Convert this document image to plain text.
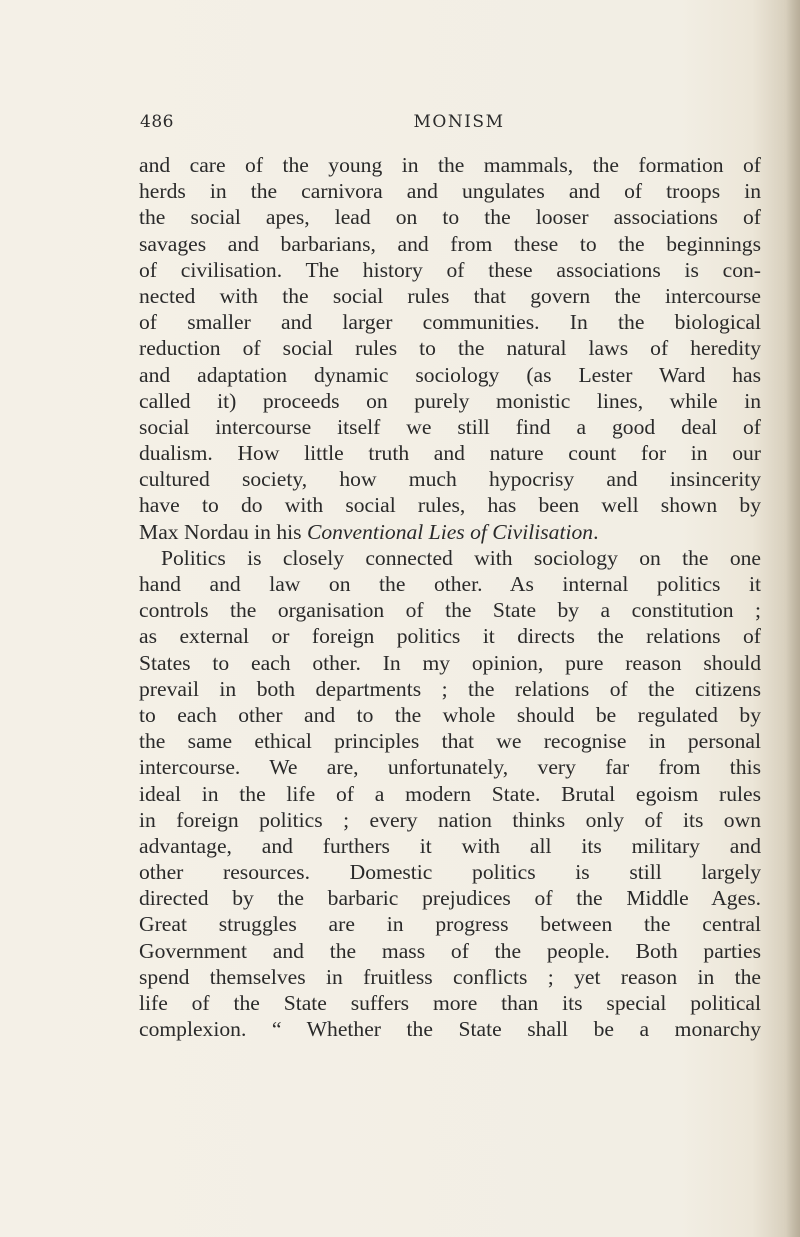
486	MONISM
and care of the young in the mammals, the formation of
herds in the carnivora and ungulates and of troops in
the social apes, lead on to the looser associations of
savages and barbarians, and from these to the beginnings
of civilisation. The history of these associations is con-
nected with the social rules that govern the intercourse
of smaller and larger communities. In the biological
reduction of social rules to the natural laws of heredity
and adaptation dynamic sociology (as Lester Ward has
called it) proceeds on purely monistic lines, while in
social intercourse itself we still find a good deal of
dualism. How little truth and nature count for in our
cultured society, how much hypocrisy and insincerity
have to do with social rules, has been well shown by
Max Nordau in his Conventional Lies of Civilisation.
Politics is closely connected with sociology on the one
hand and law on the other. As internal politics it
controls the organisation of the State by a constitution ;
as external or foreign politics it directs the relations of
States to each other. In my opinion, pure reason should
prevail in both departments ; the relations of the citizens
to each other and to the whole should be regulated by
the same ethical principles that we recognise in personal
intercourse. We are, unfortunately, very far from this
ideal in the life of a modern State. Brutal egoism rules
in foreign politics ; every nation thinks only of its own
advantage, and furthers it with all its military and
other resources. Domestic politics is still largely
directed by the barbaric prejudices of the Middle Ages.
Great struggles are in progress between the central
Government and the mass of the people. Both parties
spend themselves in fruitless conflicts ; yet reason in the
life of the State suffers more than its special political
complexion. “ Whether the State shall be a monarchy
